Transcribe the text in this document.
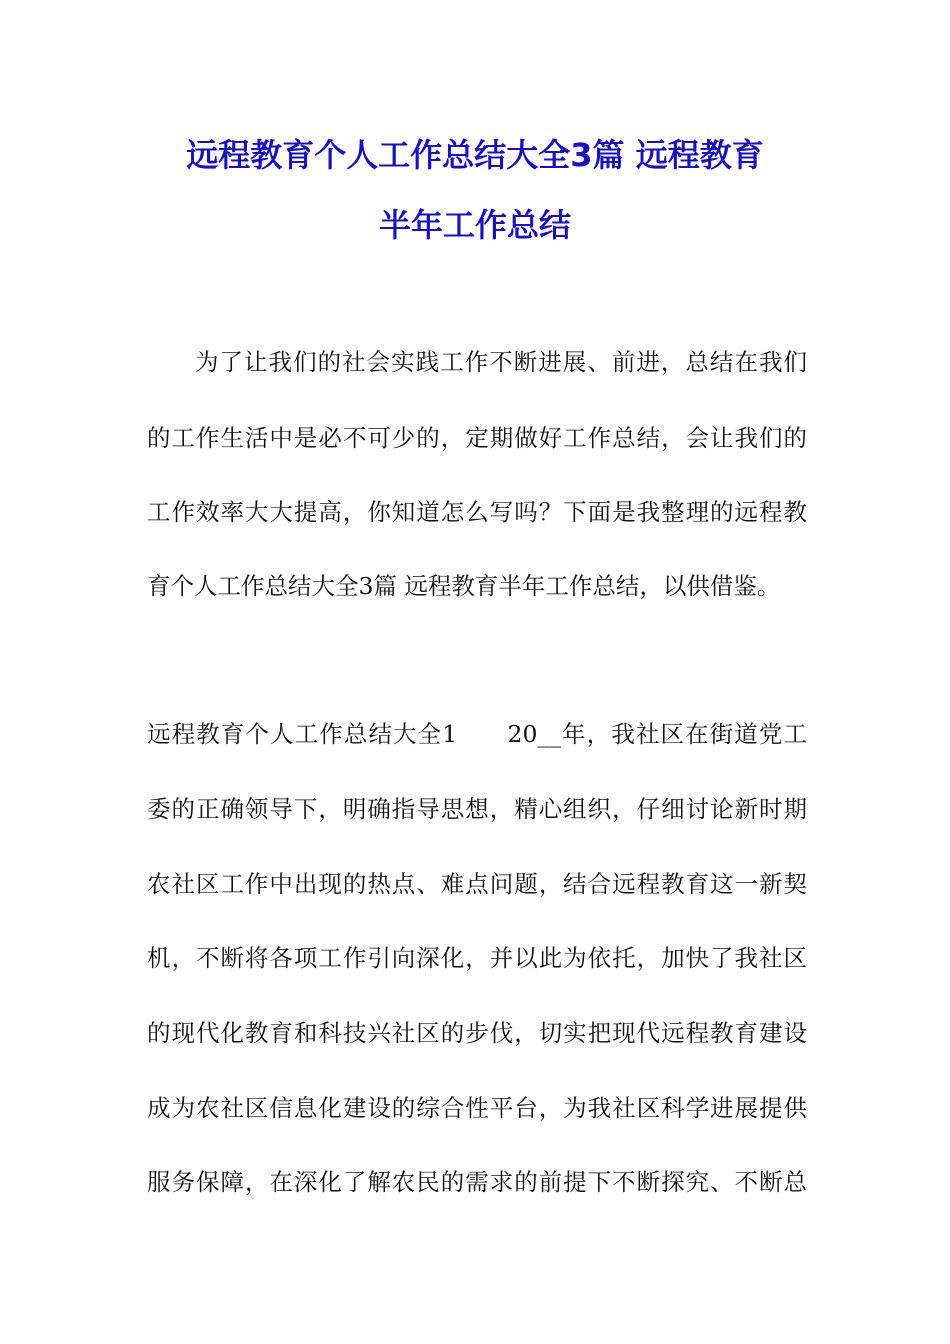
远程教育个人工作总结大全3篇 远程教育
半年工作总结
为了让我们的社会实践工作不断进展、前进，总结在我们
的工作生活中是必不可少的，定期做好工作总结，会让我们的
工作效率大大提高，你知道怎么写吗？下面是我整理的远程教
育个人工作总结大全3篇 远程教育半年工作总结，以供借鉴。
远程教育个人工作总结大全1　　20__年，我社区在街道党工
委的正确领导下，明确指导思想，精心组织，仔细讨论新时期
农社区工作中出现的热点、难点问题，结合远程教育这一新契
机，不断将各项工作引向深化，并以此为依托，加快了我社区
的现代化教育和科技兴社区的步伐，切实把现代远程教育建设
成为农社区信息化建设的综合性平台，为我社区科学进展提供
服务保障，在深化了解农民的需求的前提下不断探究、不断总
